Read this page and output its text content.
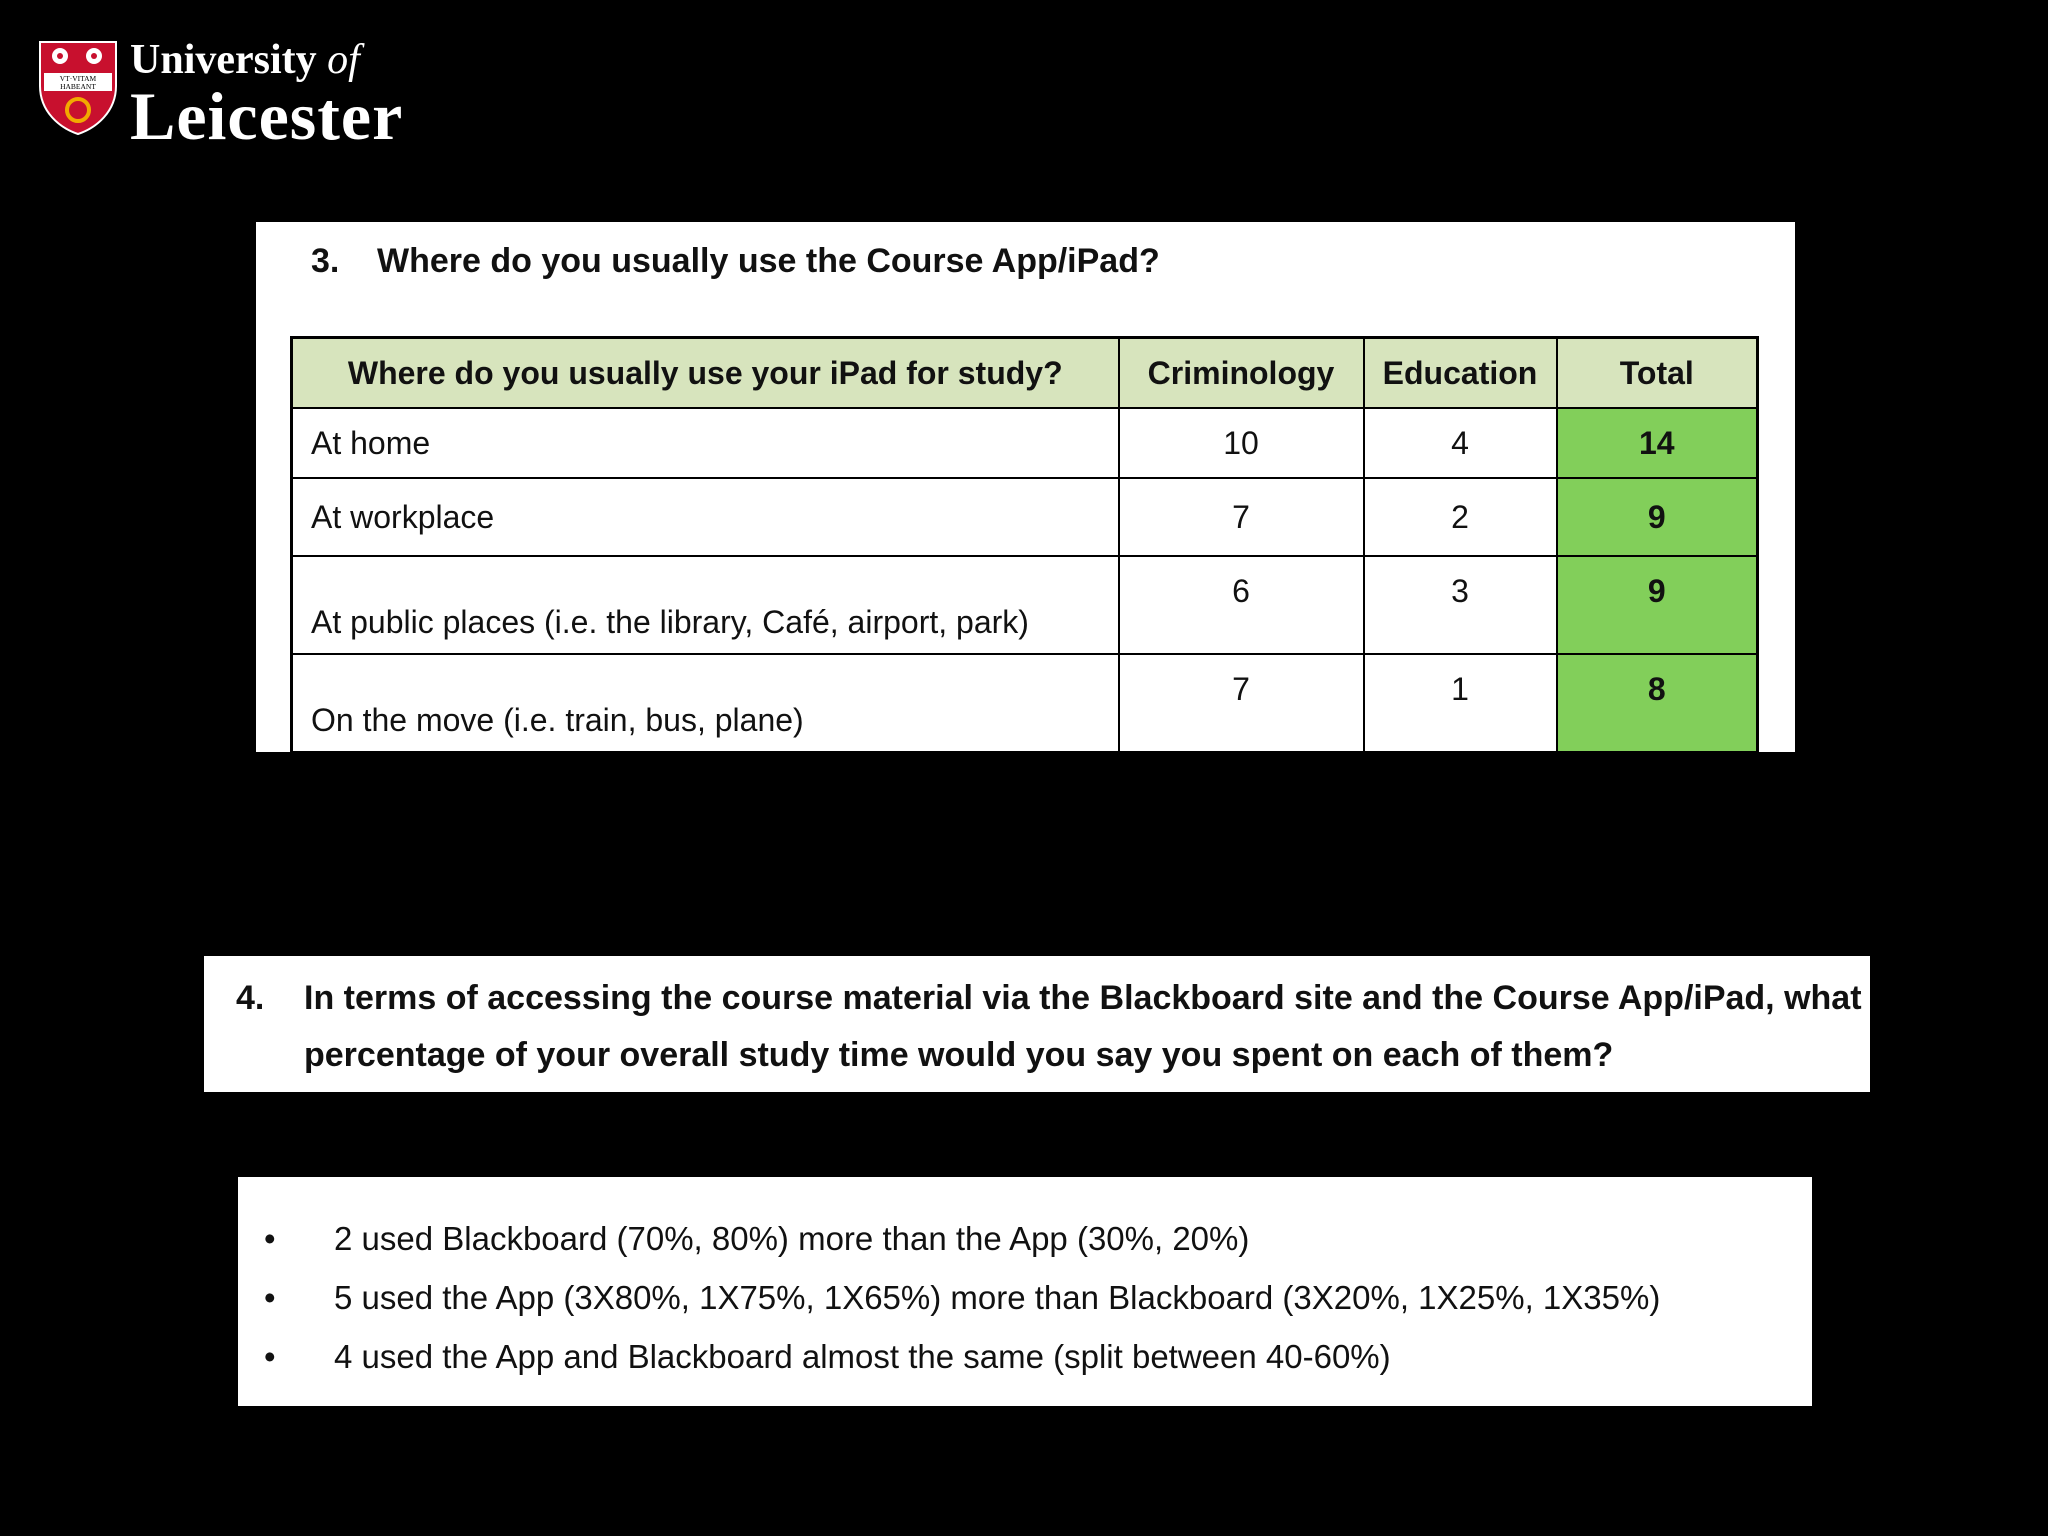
VT·VITAM
HABEANT
University of
Leicester
3. Where do you usually use the Course App/iPad?
Where do you usually use your iPad for study?	Criminology	Education	Total
At home	10	4	14
At workplace	7	2	9
At public places (i.e. the library, Café, airport, park)	6	3	9
On the move (i.e. train, bus, plane)	7	1	8
4. In terms of accessing the course material via the Blackboard site and the Course App/iPad, what percentage of your overall study time would you say you spent on each of them?
•	2 used Blackboard (70%, 80%) more than the App (30%, 20%)
•	5 used the App (3X80%, 1X75%, 1X65%) more than Blackboard (3X20%, 1X25%, 1X35%)
•	4 used the App and Blackboard almost the same (split between 40-60%)
